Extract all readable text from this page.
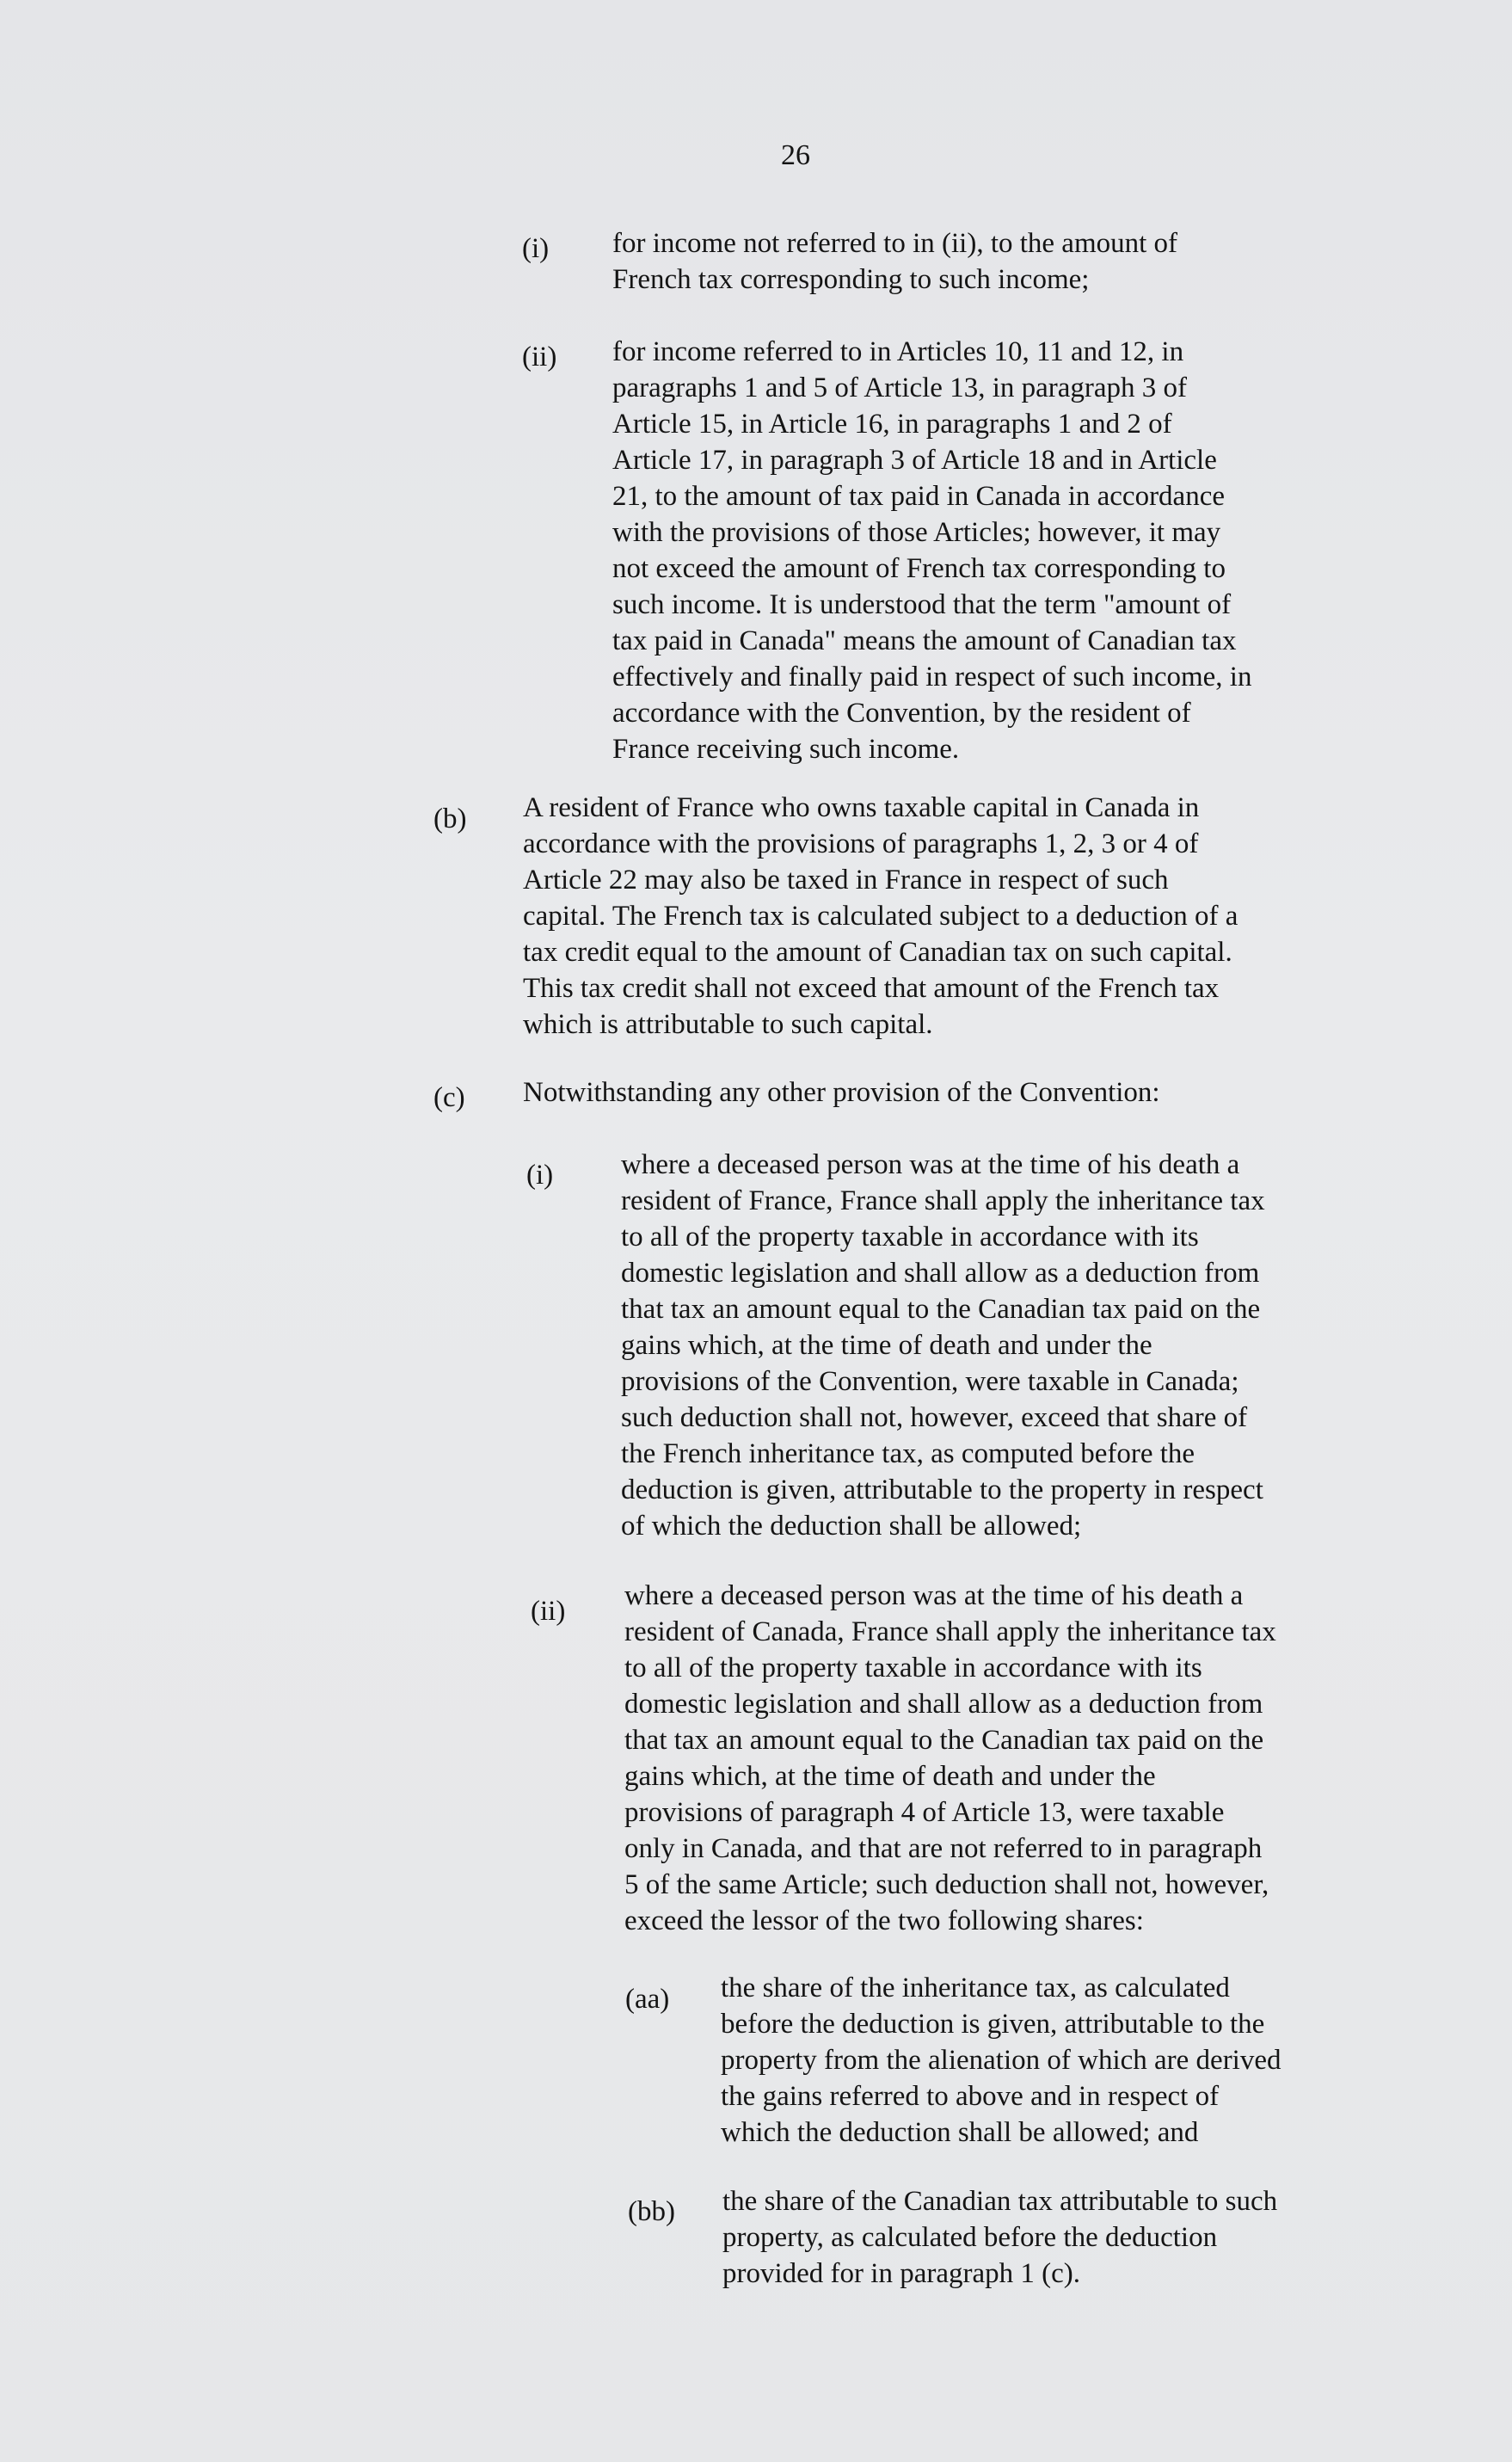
26
(i) for income not referred to in (ii), to the amount of
French tax corresponding to such income;
(ii) for income referred to in Articles 10, 11 and 12, in
paragraphs 1 and 5 of Article 13, in paragraph 3 of
Article 15, in Article 16, in paragraphs 1 and 2 of
Article 17, in paragraph 3 of Article 18 and in Article
21, to the amount of tax paid in Canada in accordance
with the provisions of those Articles; however, it may
not exceed the amount of French tax corresponding to
such income. It is understood that the term "amount of
tax paid in Canada" means the amount of Canadian tax
effectively and finally paid in respect of such income, in
accordance with the Convention, by the resident of
France receiving such income.
(b) A resident of France who owns taxable capital in Canada in
accordance with the provisions of paragraphs 1, 2, 3 or 4 of
Article 22 may also be taxed in France in respect of such
capital. The French tax is calculated subject to a deduction of a
tax credit equal to the amount of Canadian tax on such capital.
This tax credit shall not exceed that amount of the French tax
which is attributable to such capital.
(c) Notwithstanding any other provision of the Convention:
(i) where a deceased person was at the time of his death a
resident of France, France shall apply the inheritance tax
to all of the property taxable in accordance with its
domestic legislation and shall allow as a deduction from
that tax an amount equal to the Canadian tax paid on the
gains which, at the time of death and under the
provisions of the Convention, were taxable in Canada;
such deduction shall not, however, exceed that share of
the French inheritance tax, as computed before the
deduction is given, attributable to the property in respect
of which the deduction shall be allowed;
(ii) where a deceased person was at the time of his death a
resident of Canada, France shall apply the inheritance tax
to all of the property taxable in accordance with its
domestic legislation and shall allow as a deduction from
that tax an amount equal to the Canadian tax paid on the
gains which, at the time of death and under the
provisions of paragraph 4 of Article 13, were taxable
only in Canada, and that are not referred to in paragraph
5 of the same Article; such deduction shall not, however,
exceed the lessor of the two following shares:
(aa) the share of the inheritance tax, as calculated
before the deduction is given, attributable to the
property from the alienation of which are derived
the gains referred to above and in respect of
which the deduction shall be allowed; and
(bb) the share of the Canadian tax attributable to such
property, as calculated before the deduction
provided for in paragraph 1 (c).
